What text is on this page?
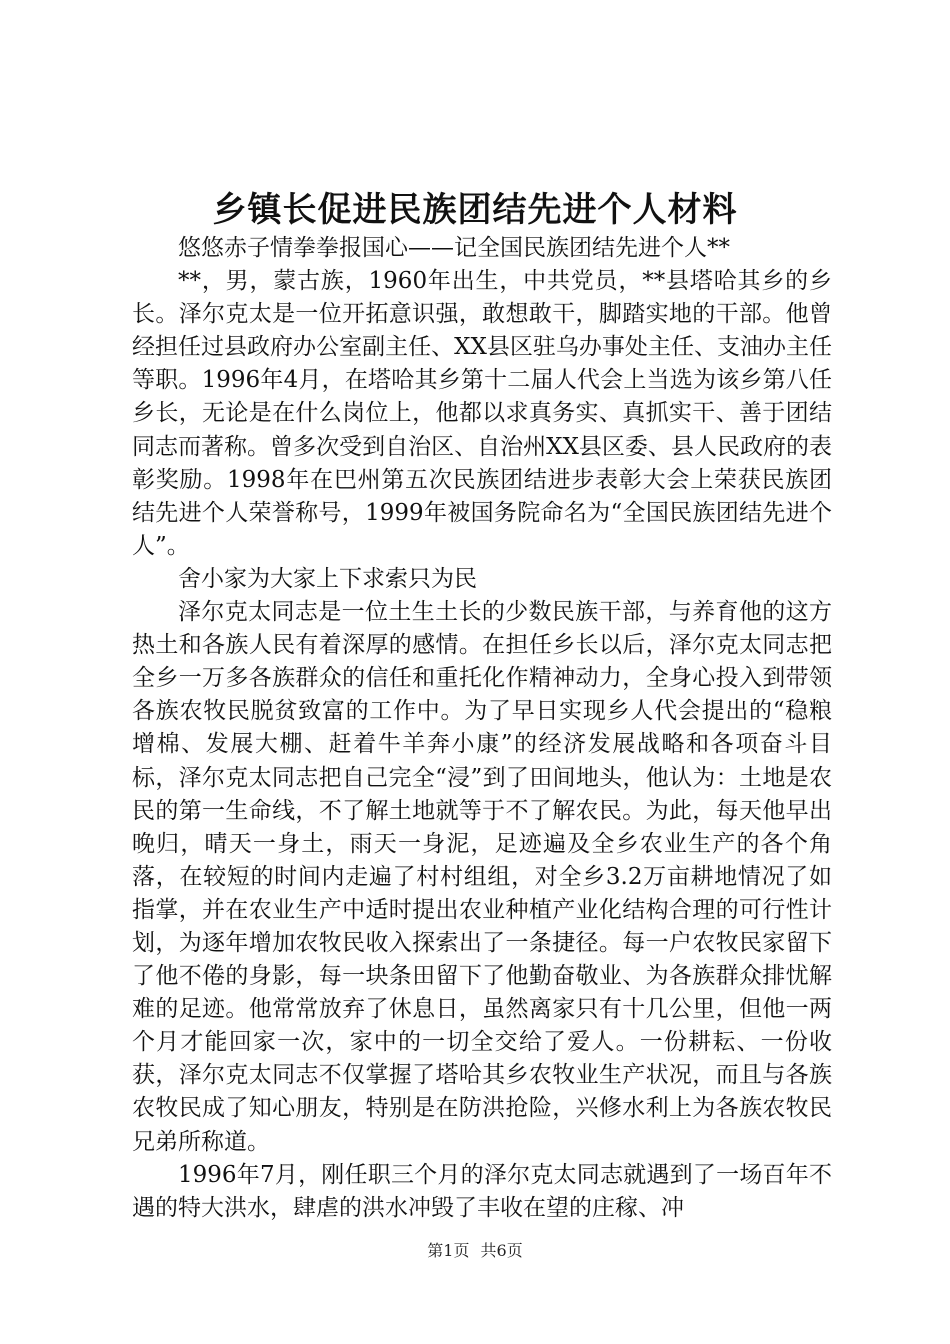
乡镇长促进民族团结先进个人材料

悠悠赤子情拳拳报国心——记全国民族团结先进个人**

**，男，蒙古族，1960年出生，中共党员，**县塔哈其乡的乡长。泽尔克太是一位开拓意识强，敢想敢干，脚踏实地的干部。他曾经担任过县政府办公室副主任、XX县区驻乌办事处主任、支油办主任等职。1996年4月，在塔哈其乡第十二届人代会上当选为该乡第八任乡长，无论是在什么岗位上，他都以求真务实、真抓实干、善于团结同志而著称。曾多次受到自治区、自治州XX县区委、县人民政府的表彰奖励。1998年在巴州第五次民族团结进步表彰大会上荣获民族团结先进个人荣誉称号，1999年被国务院命名为“全国民族团结先进个人”。

舍小家为大家上下求索只为民

泽尔克太同志是一位土生土长的少数民族干部，与养育他的这方热土和各族人民有着深厚的感情。在担任乡长以后，泽尔克太同志把全乡一万多各族群众的信任和重托化作精神动力，全身心投入到带领各族农牧民脱贫致富的工作中。为了早日实现乡人代会提出的“稳粮增棉、发展大棚、赶着牛羊奔小康”的经济发展战略和各项奋斗目标，泽尔克太同志把自己完全“浸”到了田间地头，他认为：土地是农民的第一生命线，不了解土地就等于不了解农民。为此，每天他早出晚归，晴天一身土，雨天一身泥，足迹遍及全乡农业生产的各个角落，在较短的时间内走遍了村村组组，对全乡3.2万亩耕地情况了如指掌，并在农业生产中适时提出农业种植产业化结构合理的可行性计划，为逐年增加农牧民收入探索出了一条捷径。每一户农牧民家留下了他不倦的身影，每一块条田留下了他勤奋敬业、为各族群众排忧解难的足迹。他常常放弃了休息日，虽然离家只有十几公里，但他一两个月才能回家一次，家中的一切全交给了爱人。一份耕耘、一份收获，泽尔克太同志不仅掌握了塔哈其乡农牧业生产状况，而且与各族农牧民成了知心朋友，特别是在防洪抢险，兴修水利上为各族农牧民兄弟所称道。

1996年7月，刚任职三个月的泽尔克太同志就遇到了一场百年不遇的特大洪水，肆虐的洪水冲毁了丰收在望的庄稼、冲

第1页 共6页
